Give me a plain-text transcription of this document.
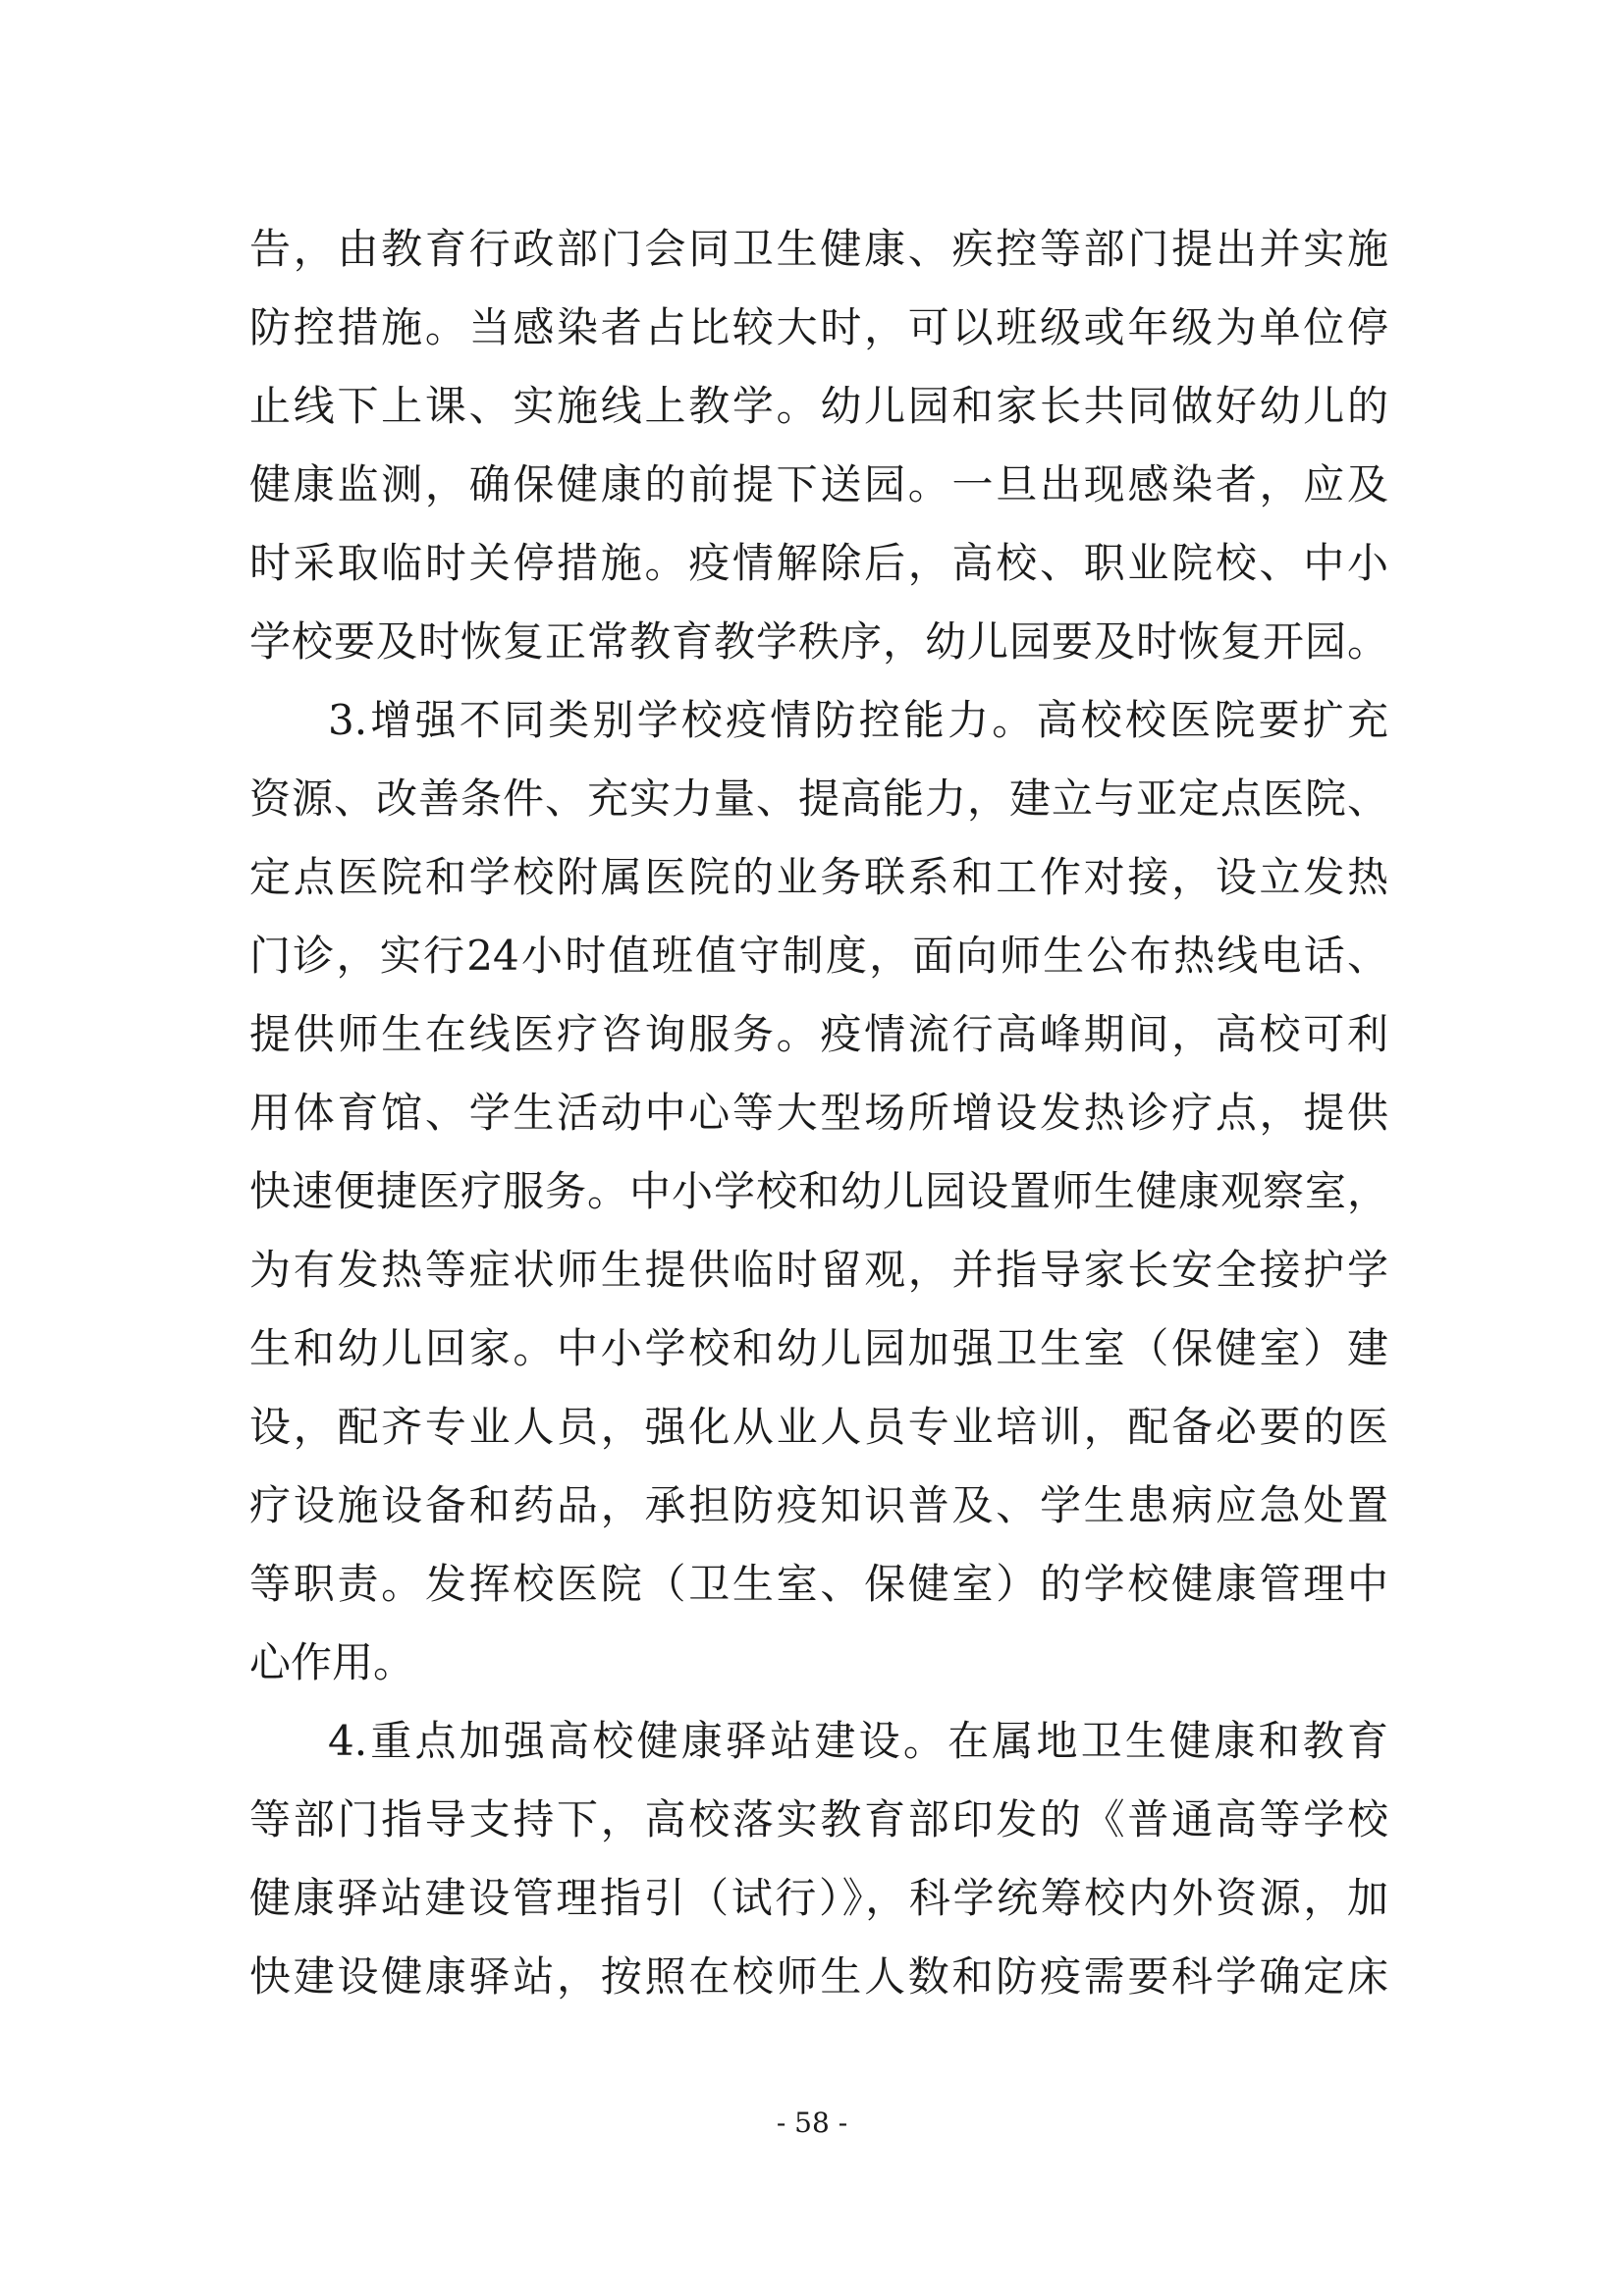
告，由教育行政部门会同卫生健康、疾控等部门提出并实施
防控措施。当感染者占比较大时，可以班级或年级为单位停
止线下上课、实施线上教学。幼儿园和家长共同做好幼儿的
健康监测，确保健康的前提下送园。一旦出现感染者，应及
时采取临时关停措施。疫情解除后，高校、职业院校、中小
学校要及时恢复正常教育教学秩序，幼儿园要及时恢复开园。
3.增强不同类别学校疫情防控能力。高校校医院要扩充
资源、改善条件、充实力量、提高能力，建立与亚定点医院、
定点医院和学校附属医院的业务联系和工作对接，设立发热
门诊，实行24小时值班值守制度，面向师生公布热线电话、
提供师生在线医疗咨询服务。疫情流行高峰期间，高校可利
用体育馆、学生活动中心等大型场所增设发热诊疗点，提供
快速便捷医疗服务。中小学校和幼儿园设置师生健康观察室，
为有发热等症状师生提供临时留观，并指导家长安全接护学
生和幼儿回家。中小学校和幼儿园加强卫生室（保健室）建
设，配齐专业人员，强化从业人员专业培训，配备必要的医
疗设施设备和药品，承担防疫知识普及、学生患病应急处置
等职责。发挥校医院（卫生室、保健室）的学校健康管理中
心作用。
4.重点加强高校健康驿站建设。在属地卫生健康和教育
等部门指导支持下，高校落实教育部印发的《普通高等学校
健康驿站建设管理指引（试行）》，科学统筹校内外资源，加
快建设健康驿站，按照在校师生人数和防疫需要科学确定床
- 58 -
